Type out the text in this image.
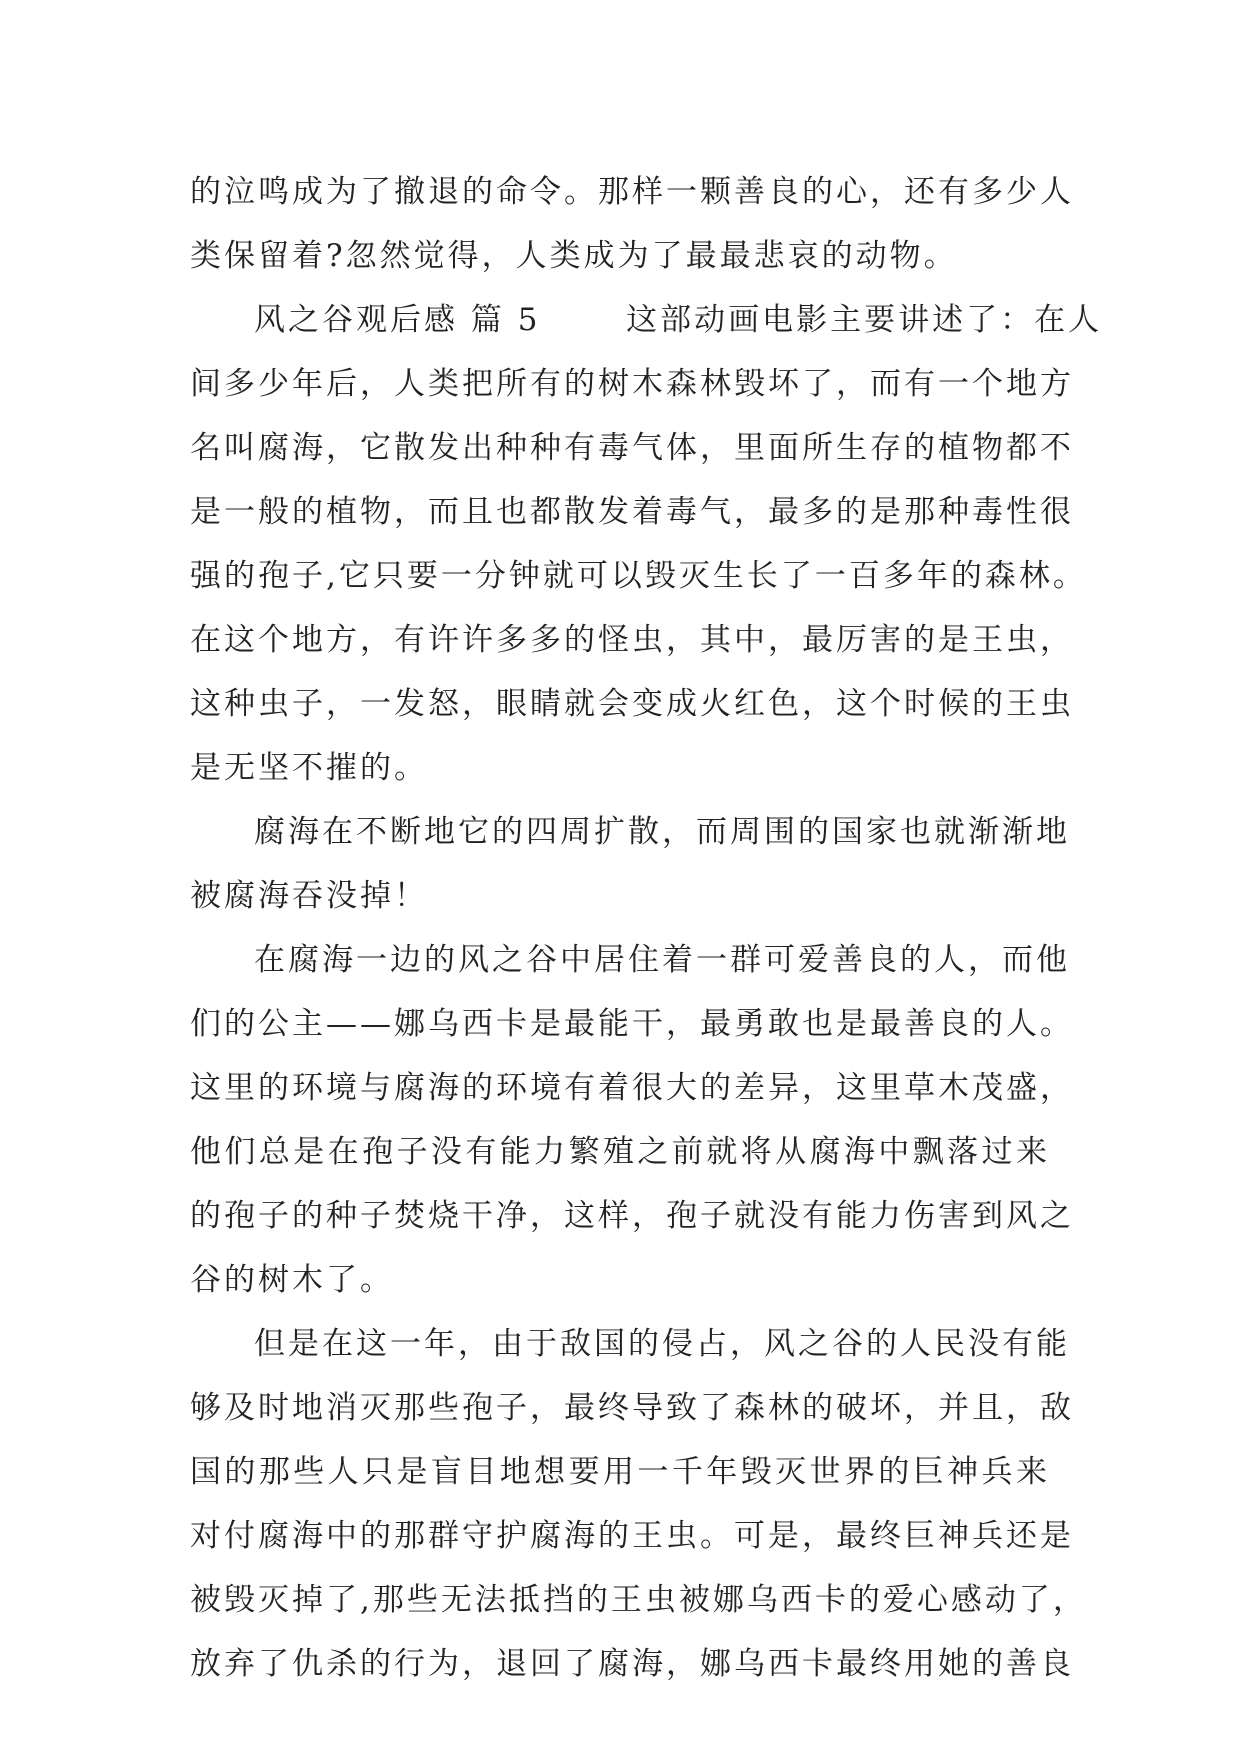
的泣鸣成为了撤退的命令。那样一颗善良的心，还有多少人
类保留着?忽然觉得，人类成为了最最悲哀的动物。
风之谷观后感 篇 5	这部动画电影主要讲述了：在人
间多少年后，人类把所有的树木森林毁坏了，而有一个地方
名叫腐海，它散发出种种有毒气体，里面所生存的植物都不
是一般的植物，而且也都散发着毒气，最多的是那种毒性很
强的孢子,它只要一分钟就可以毁灭生长了一百多年的森林。
在这个地方，有许许多多的怪虫，其中，最厉害的是王虫，
这种虫子，一发怒，眼睛就会变成火红色，这个时候的王虫
是无坚不摧的。
腐海在不断地它的四周扩散，而周围的国家也就渐渐地
被腐海吞没掉！
在腐海一边的风之谷中居住着一群可爱善良的人，而他
们的公主——娜乌西卡是最能干，最勇敢也是最善良的人。
这里的环境与腐海的环境有着很大的差异，这里草木茂盛，
他们总是在孢子没有能力繁殖之前就将从腐海中飘落过来
的孢子的种子焚烧干净，这样，孢子就没有能力伤害到风之
谷的树木了。
但是在这一年，由于敌国的侵占，风之谷的人民没有能
够及时地消灭那些孢子，最终导致了森林的破坏，并且，敌
国的那些人只是盲目地想要用一千年毁灭世界的巨神兵来
对付腐海中的那群守护腐海的王虫。可是，最终巨神兵还是
被毁灭掉了,那些无法抵挡的王虫被娜乌西卡的爱心感动了，
放弃了仇杀的行为，退回了腐海，娜乌西卡最终用她的善良
